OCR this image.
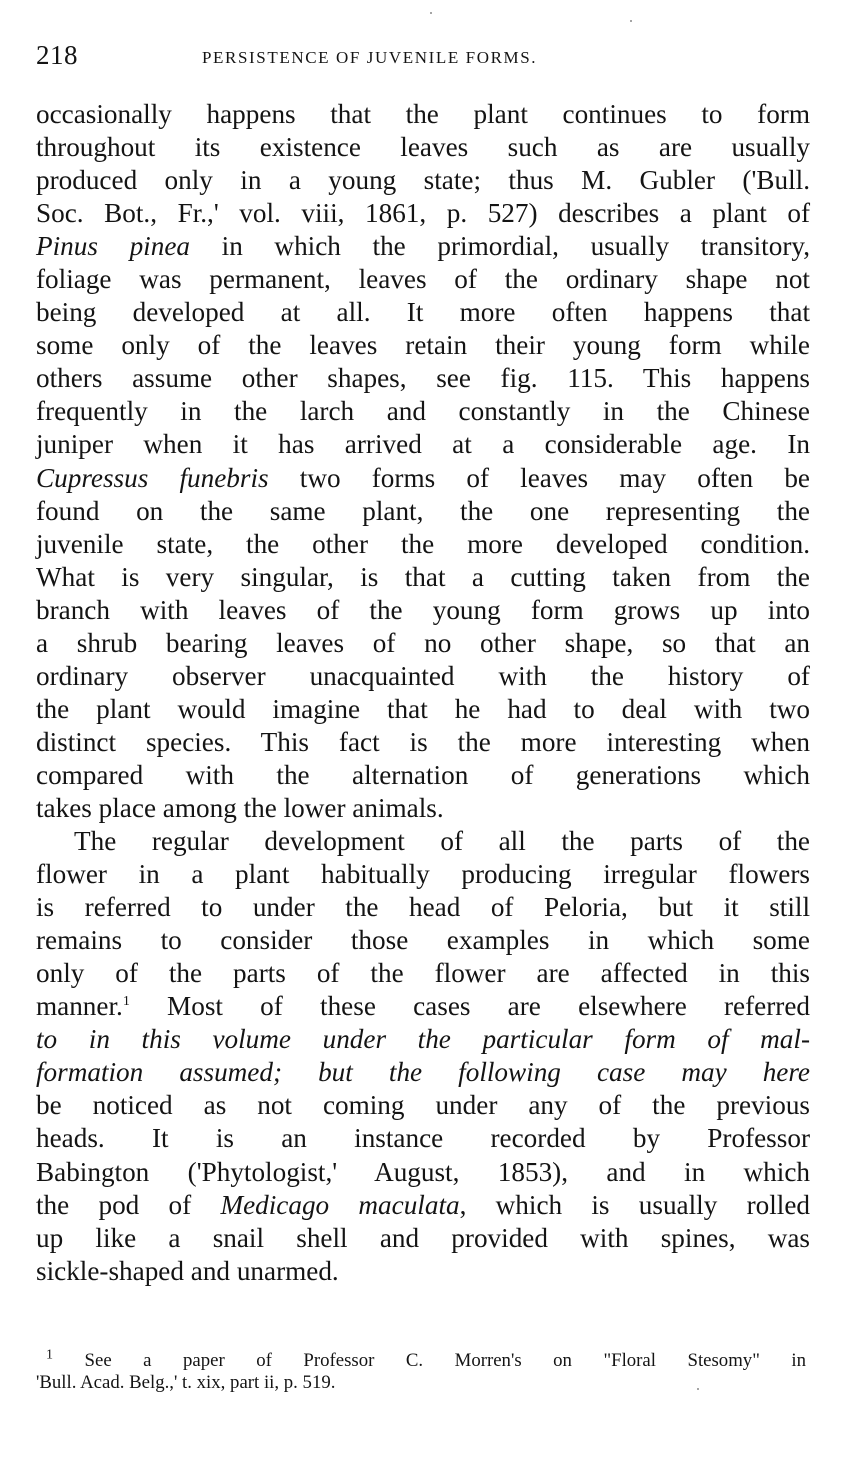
218	PERSISTENCE OF JUVENILE FORMS.
occasionally happens that the plant continues to form
throughout its existence leaves such as are usually
produced only in a young state; thus M. Gubler ('Bull.
Soc. Bot., Fr.,' vol. viii, 1861, p. 527) describes a plant of
Pinus pinea in which the primordial, usually transitory,
foliage was permanent, leaves of the ordinary shape not
being developed at all. It more often happens that
some only of the leaves retain their young form while
others assume other shapes, see fig. 115. This happens
frequently in the larch and constantly in the Chinese
juniper when it has arrived at a considerable age. In
Cupressus funebris two forms of leaves may often be
found on the same plant, the one representing the
juvenile state, the other the more developed condition.
What is very singular, is that a cutting taken from the
branch with leaves of the young form grows up into
a shrub bearing leaves of no other shape, so that an
ordinary observer unacquainted with the history of
the plant would imagine that he had to deal with two
distinct species. This fact is the more interesting when
compared with the alternation of generations which
takes place among the lower animals.
The regular development of all the parts of the
flower in a plant habitually producing irregular flowers
is referred to under the head of Peloria, but it still
remains to consider those examples in which some
only of the parts of the flower are affected in this
manner.$^1$ Most of these cases are elsewhere referred
to in this volume under the particular form of mal-
formation assumed; but the following case may here
be noticed as not coming under any of the previous
heads. It is an instance recorded by Professor
Babington ('Phytologist,' August, 1853), and in which
the pod of Medicago maculata, which is usually rolled
up like a snail shell and provided with spines, was
sickle-shaped and unarmed.
$^1$ See a paper of Professor C. Morren's on "Floral Stesomy" in
'Bull. Acad. Belg.,' t. xix, part ii, p. 519.
